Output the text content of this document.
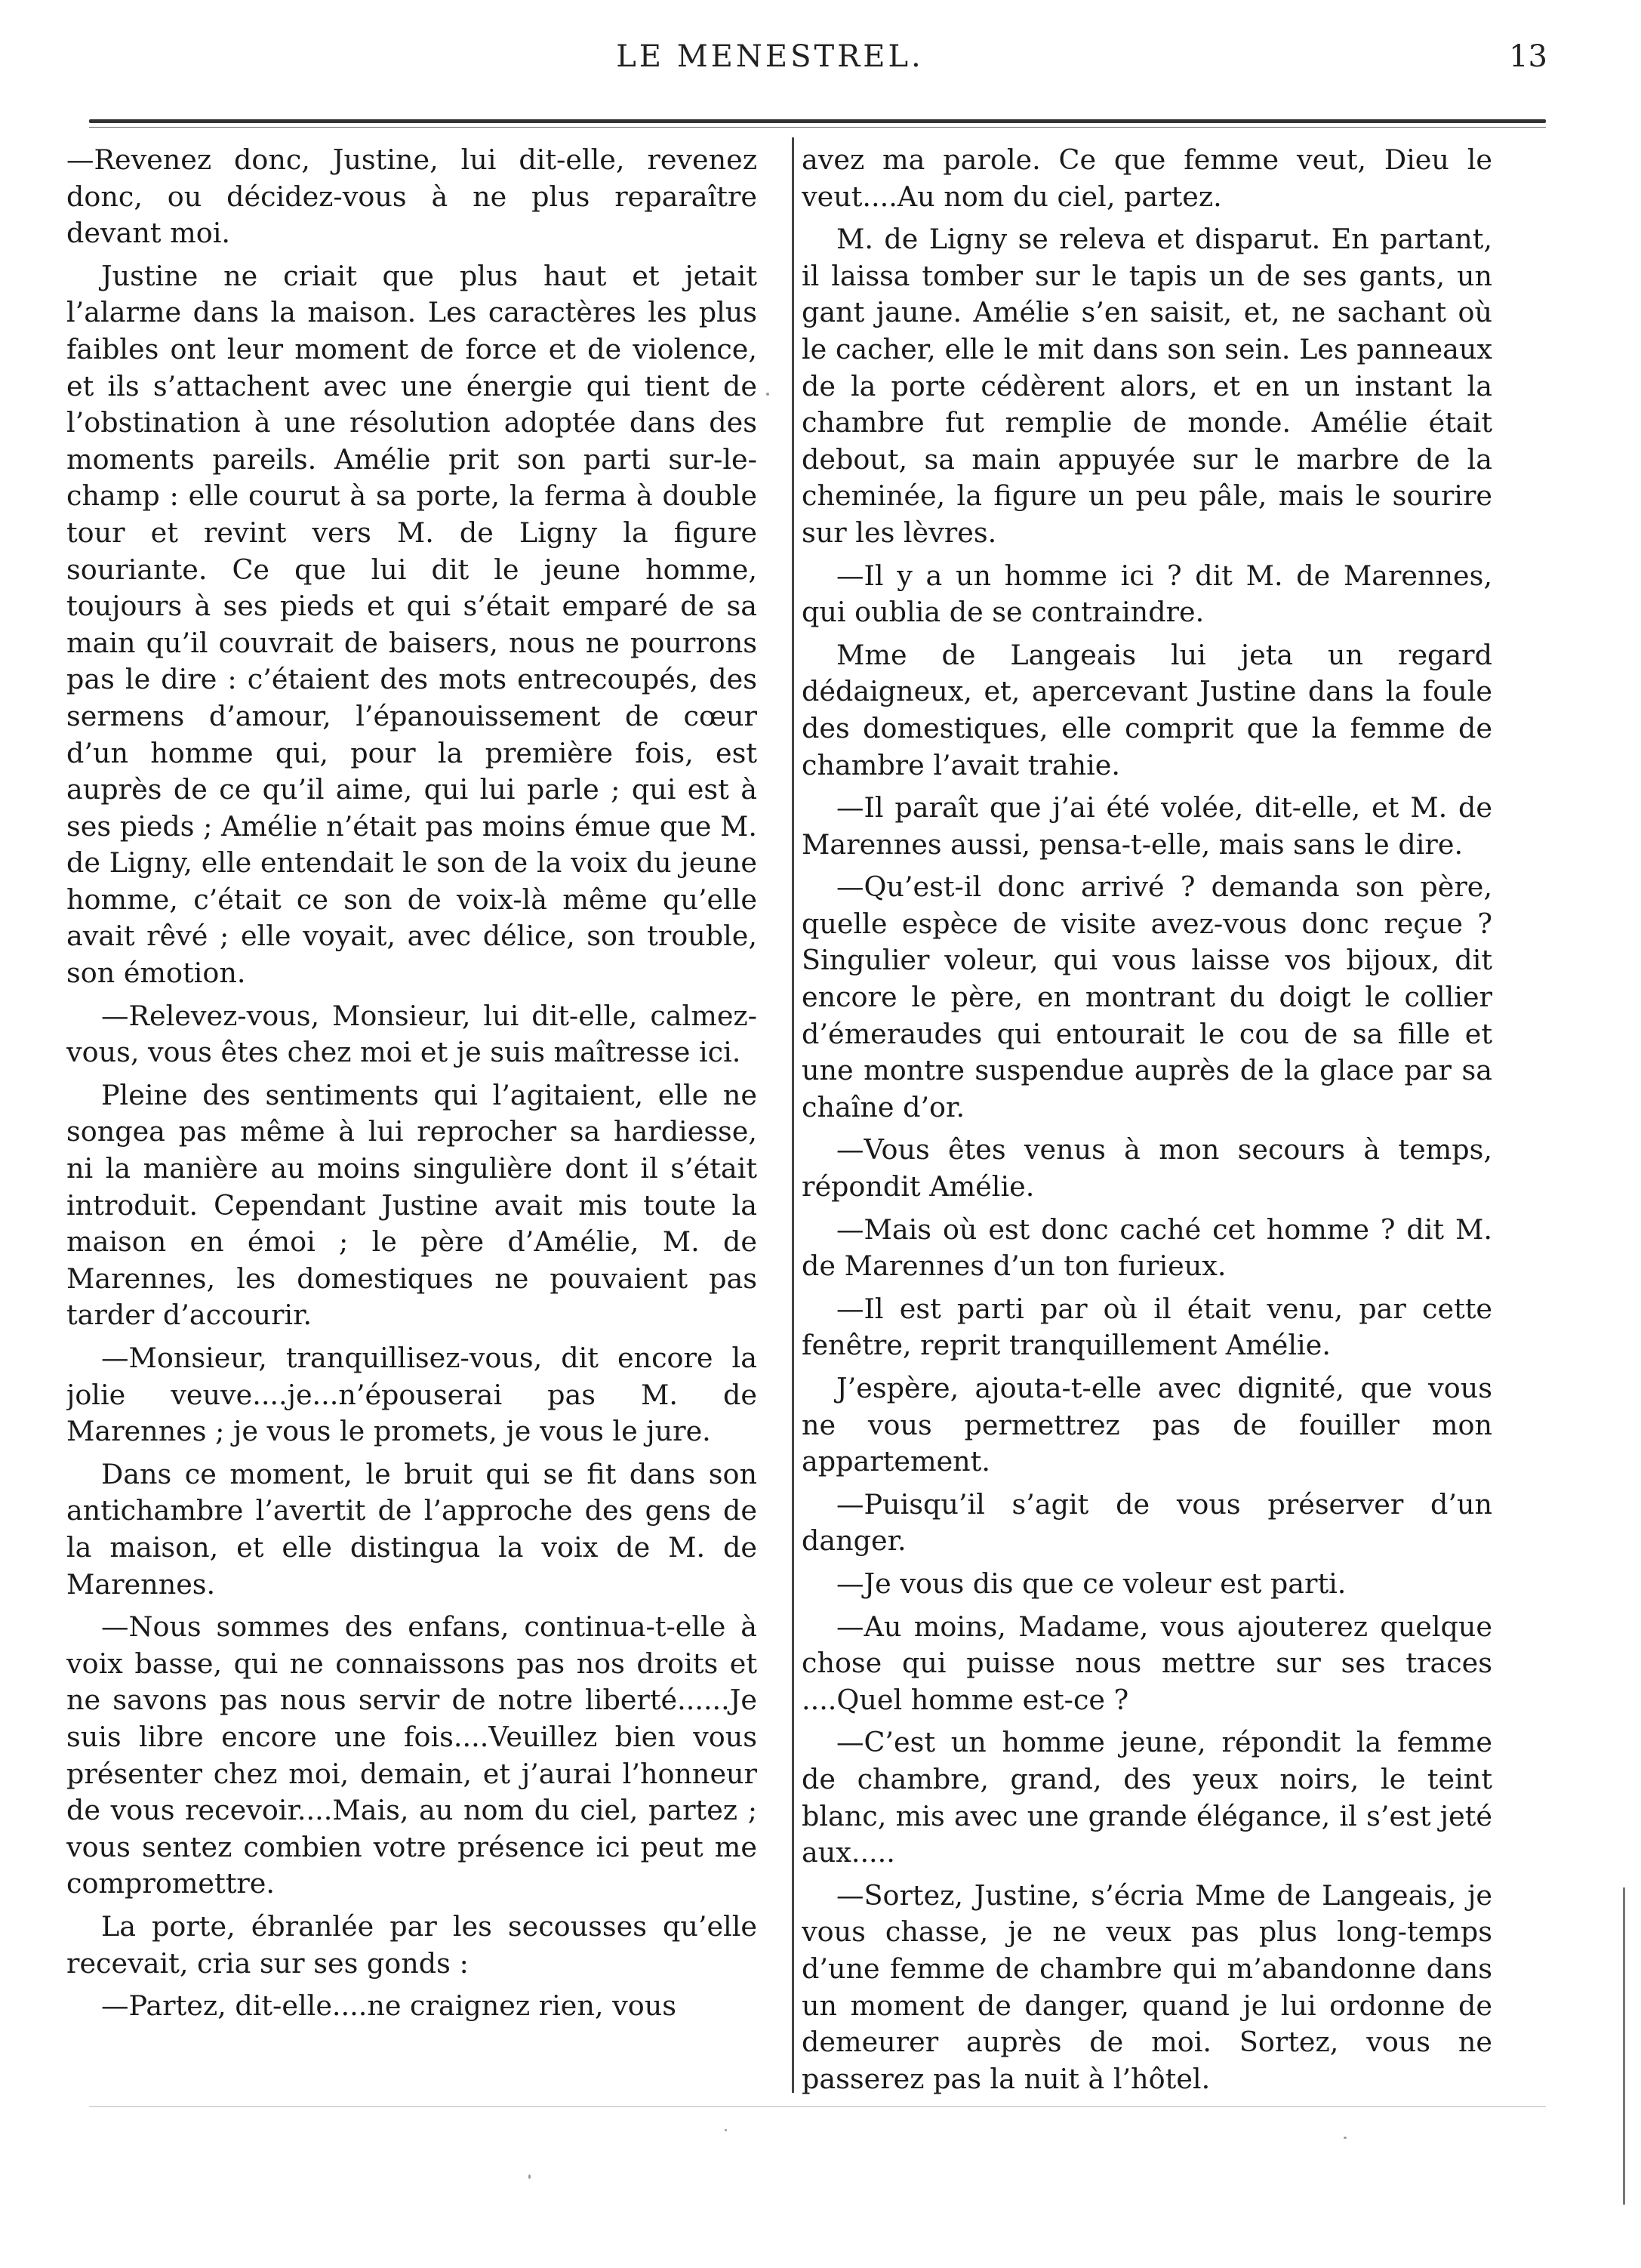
LE MENESTREL.	13

—Revenez donc, Justine, lui dit-elle, revenez donc, ou décidez-vous à ne plus reparaître devant moi.

Justine ne criait que plus haut et jetait l’alarme dans la maison. Les caractères les plus faibles ont leur moment de force et de violence, et ils s’attachent avec une énergie qui tient de l’obstination à une résolution adoptée dans des moments pareils. Amélie prit son parti sur-le-champ : elle courut à sa porte, la ferma à double tour et revint vers M. de Ligny la figure souriante. Ce que lui dit le jeune homme, toujours à ses pieds et qui s’était emparé de sa main qu’il couvrait de baisers, nous ne pourrons pas le dire : c’étaient des mots entrecoupés, des sermens d’amour, l’épanouissement de cœur d’un homme qui, pour la première fois, est auprès de ce qu’il aime, qui lui parle ; qui est à ses pieds ; Amélie n’était pas moins émue que M. de Ligny, elle entendait le son de la voix du jeune homme, c’était ce son de voix-là même qu’elle avait rêvé ; elle voyait, avec délice, son trouble, son émotion.

—Relevez-vous, Monsieur, lui dit-elle, calmez-vous, vous êtes chez moi et je suis maîtresse ici.

Pleine des sentiments qui l’agitaient, elle ne songea pas même à lui reprocher sa hardiesse, ni la manière au moins singulière dont il s’était introduit. Cependant Justine avait mis toute la maison en émoi ; le père d’Amélie, M. de Marennes, les domestiques ne pouvaient pas tarder d’accourir.

—Monsieur, tranquillisez-vous, dit encore la jolie veuve....je...n’épouserai pas M. de Marennes ; je vous le promets, je vous le jure.

Dans ce moment, le bruit qui se fit dans son antichambre l’avertit de l’approche des gens de la maison, et elle distingua la voix de M. de Marennes.

—Nous sommes des enfans, continua-t-elle à voix basse, qui ne connaissons pas nos droits et ne savons pas nous servir de notre liberté......Je suis libre encore une fois....Veuillez bien vous présenter chez moi, demain, et j’aurai l’honneur de vous recevoir....Mais, au nom du ciel, partez ; vous sentez combien votre présence ici peut me compromettre.

La porte, ébranlée par les secousses qu’elle recevait, cria sur ses gonds :

—Partez, dit-elle....ne craignez rien, vous

avez ma parole. Ce que femme veut, Dieu le veut....Au nom du ciel, partez.

M. de Ligny se releva et disparut. En partant, il laissa tomber sur le tapis un de ses gants, un gant jaune. Amélie s’en saisit, et, ne sachant où le cacher, elle le mit dans son sein. Les panneaux de la porte cédèrent alors, et en un instant la chambre fut remplie de monde. Amélie était debout, sa main appuyée sur le marbre de la cheminée, la figure un peu pâle, mais le sourire sur les lèvres.

—Il y a un homme ici ? dit M. de Marennes, qui oublia de se contraindre.

Mme de Langeais lui jeta un regard dédaigneux, et, apercevant Justine dans la foule des domestiques, elle comprit que la femme de chambre l’avait trahie.

—Il paraît que j’ai été volée, dit-elle, et M. de Marennes aussi, pensa-t-elle, mais sans le dire.

—Qu’est-il donc arrivé ? demanda son père, quelle espèce de visite avez-vous donc reçue ? Singulier voleur, qui vous laisse vos bijoux, dit encore le père, en montrant du doigt le collier d’émeraudes qui entourait le cou de sa fille et une montre suspendue auprès de la glace par sa chaîne d’or.

—Vous êtes venus à mon secours à temps, répondit Amélie.

—Mais où est donc caché cet homme ? dit M. de Marennes d’un ton furieux.

—Il est parti par où il était venu, par cette fenêtre, reprit tranquillement Amélie.

J’espère, ajouta-t-elle avec dignité, que vous ne vous permettrez pas de fouiller mon appartement.

—Puisqu’il s’agit de vous préserver d’un danger.

—Je vous dis que ce voleur est parti.

—Au moins, Madame, vous ajouterez quelque chose qui puisse nous mettre sur ses traces ....Quel homme est-ce ?

—C’est un homme jeune, répondit la femme de chambre, grand, des yeux noirs, le teint blanc, mis avec une grande élégance, il s’est jeté aux.....

—Sortez, Justine, s’écria Mme de Langeais, je vous chasse, je ne veux pas plus long-temps d’une femme de chambre qui m’abandonne dans un moment de danger, quand je lui ordonne de demeurer auprès de moi. Sortez, vous ne passerez pas la nuit à l’hôtel.
